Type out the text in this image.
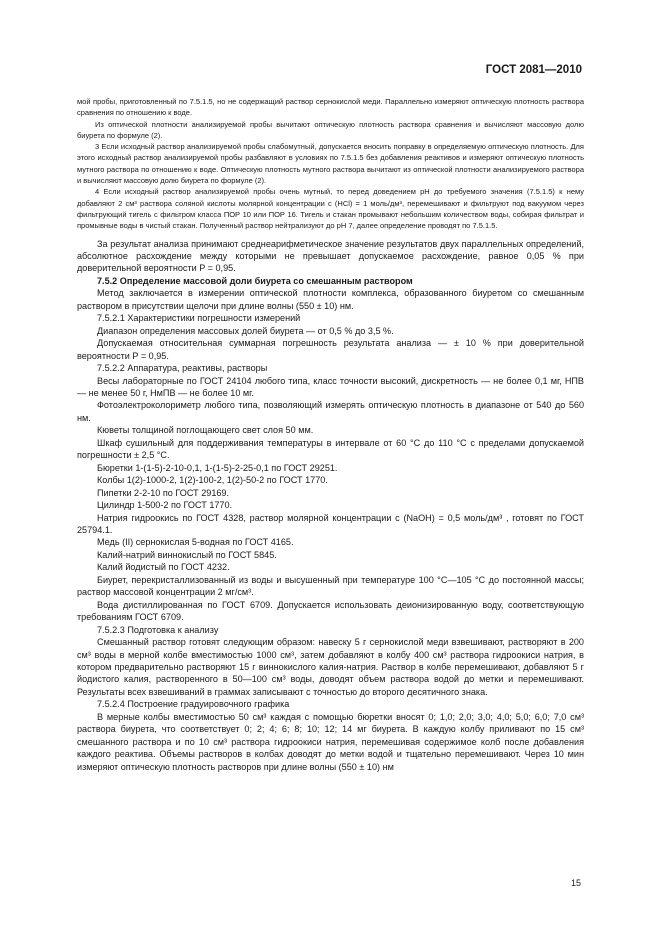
ГОСТ 2081—2010

мой пробы, приготовленный по 7.5.1.5, но не содержащий раствор сернокислой меди. Параллельно измеряют оптическую плотность раствора сравнения по отношению к воде.

Из оптической плотности анализируемой пробы вычитают оптическую плотность раствора сравнения и вычисляют массовую долю биурета по формуле (2).

3 Если исходный раствор анализируемой пробы слабомутный, допускается вносить поправку в определяемую оптическую плотность. Для этого исходный раствор анализируемой пробы разбавляют в условиях по 7.5.1.5 без добавления реактивов и измеряют оптическую плотность мутного раствора по отношению к воде. Оптическую плотность мутного раствора вычитают из оптической плотности анализируемого раствора и вычисляют массовую долю биурета по формуле (2).

4 Если исходный раствор анализируемой пробы очень мутный, то перед доведением pH до требуемого значения (7.5.1.5) к нему добавляют 2 см³ раствора соляной кислоты молярной концентрации c (HCl) = 1 моль/дм³, перемешивают и фильтруют под вакуумом через фильтрующий тигель с фильтром класса ПОР 10 или ПОР 16. Тигель и стакан промывают небольшим количеством воды, собирая фильтрат и промывные воды в чистый стакан. Полученный раствор нейтрализуют до pH 7, далее определение проводят по 7.5.1.5.

За результат анализа принимают среднеарифметическое значение результатов двух параллельных определений, абсолютное расхождение между которыми не превышает допускаемое расхождение, равное 0,05 % при доверительной вероятности P = 0,95.

7.5.2 Определение массовой доли биурета со смешанным раствором

Метод заключается в измерении оптической плотности комплекса, образованного биуретом со смешанным раствором в присутствии щелочи при длине волны (550 ± 10) нм.

7.5.2.1 Характеристики погрешности измерений

Диапазон определения массовых долей биурета — от 0,5 % до 3,5 %.

Допускаемая относительная суммарная погрешность результата анализа — ± 10 % при доверительной вероятности P = 0,95.

7.5.2.2 Аппаратура, реактивы, растворы

Весы лабораторные по ГОСТ 24104 любого типа, класс точности высокий, дискретность — не более 0,1 мг, НПВ — не менее 50 г, НмПВ — не более 10 мг.

Фотоэлектроколориметр любого типа, позволяющий измерять оптическую плотность в диапазоне от 540 до 560 нм.

Кюветы толщиной поглощающего свет слоя 50 мм.

Шкаф сушильный для поддерживания температуры в интервале от 60 °С до 110 °С с пределами допускаемой погрешности ± 2,5 °С.

Бюретки 1-(1-5)-2-10-0,1, 1-(1-5)-2-25-0,1 по ГОСТ 29251.

Колбы 1(2)-1000-2, 1(2)-100-2, 1(2)-50-2 по ГОСТ 1770.

Пипетки 2-2-10 по ГОСТ 29169.

Цилиндр 1-500-2 по ГОСТ 1770.

Натрия гидроокись по ГОСТ 4328, раствор молярной концентрации c (NaOH) = 0,5 моль/дм³ , готовят по ГОСТ 25794.1.

Медь (II) сернокислая 5-водная по ГОСТ 4165.

Калий-натрий виннокислый по ГОСТ 5845.

Калий йодистый по ГОСТ 4232.

Биурет, перекристаллизованный из воды и высушенный при температуре 100 °С—105 °С до постоянной массы; раствор массовой концентрации 2 мг/см³.

Вода дистиллированная по ГОСТ 6709. Допускается использовать деионизированную воду, соответствующую требованиям ГОСТ 6709.

7.5.2.3 Подготовка к анализу

Смешанный раствор готовят следующим образом: навеску 5 г сернокислой меди взвешивают, растворяют в 200 см³ воды в мерной колбе вместимостью 1000 см³, затем добавляют в колбу 400 см³ раствора гидроокиси натрия, в котором предварительно растворяют 15 г виннокислого калия-натрия. Раствор в колбе перемешивают, добавляют 5 г йодистого калия, растворенного в 50—100 см³ воды, доводят объем раствора водой до метки и перемешивают. Результаты всех взвешиваний в граммах записывают с точностью до второго десятичного знака.

7.5.2.4 Построение градуировочного графика

В мерные колбы вместимостью 50 см³ каждая с помощью бюретки вносят 0; 1,0; 2,0; 3,0; 4,0; 5,0; 6,0; 7,0 см³ раствора биурета, что соответствует 0; 2; 4; 6; 8; 10; 12; 14 мг биурета. В каждую колбу приливают по 15 см³ смешанного раствора и по 10 см³ раствора гидроокиси натрия, перемешивая содержимое колб после добавления каждого реактива. Объемы растворов в колбах доводят до метки водой и тщательно перемешивают. Через 10 мин измеряют оптическую плотность растворов при длине волны (550 ± 10) нм

15
